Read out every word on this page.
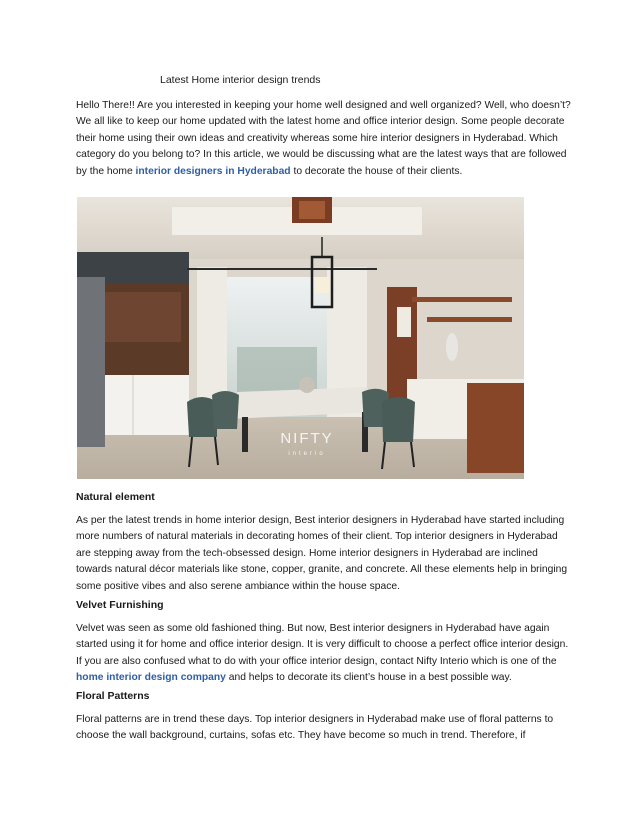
Latest Home interior design trends

Hello There!! Are you interested in keeping your home well designed and well organized? Well, who doesn’t? We all like to keep our home updated with the latest home and office interior design. Some people decorate their home using their own ideas and creativity whereas some hire interior designers in Hyderabad. Which category do you belong to? In this article, we would be discussing what are the latest ways that are followed by the home interior designers in Hyderabad to decorate the house of their clients.

NIFTY
interio
Natural element

As per the latest trends in home interior design, Best interior designers in Hyderabad have started including more numbers of natural materials in decorating homes of their client. Top interior designers in Hyderabad are stepping away from the tech-obsessed design. Home interior designers in Hyderabad are inclined towards natural décor materials like stone, copper, granite, and concrete. All these elements help in bringing some positive vibes and also serene ambiance within the house space.

Velvet Furnishing

Velvet was seen as some old fashioned thing. But now, Best interior designers in Hyderabad have again started using it for home and office interior design. It is very difficult to choose a perfect office interior design. If you are also confused what to do with your office interior design, contact Nifty Interio which is one of the home interior design company and helps to decorate its client’s house in a best possible way.

Floral Patterns

Floral patterns are in trend these days. Top interior designers in Hyderabad make use of floral patterns to choose the wall background, curtains, sofas etc. They have become so much in trend. Therefore, if
